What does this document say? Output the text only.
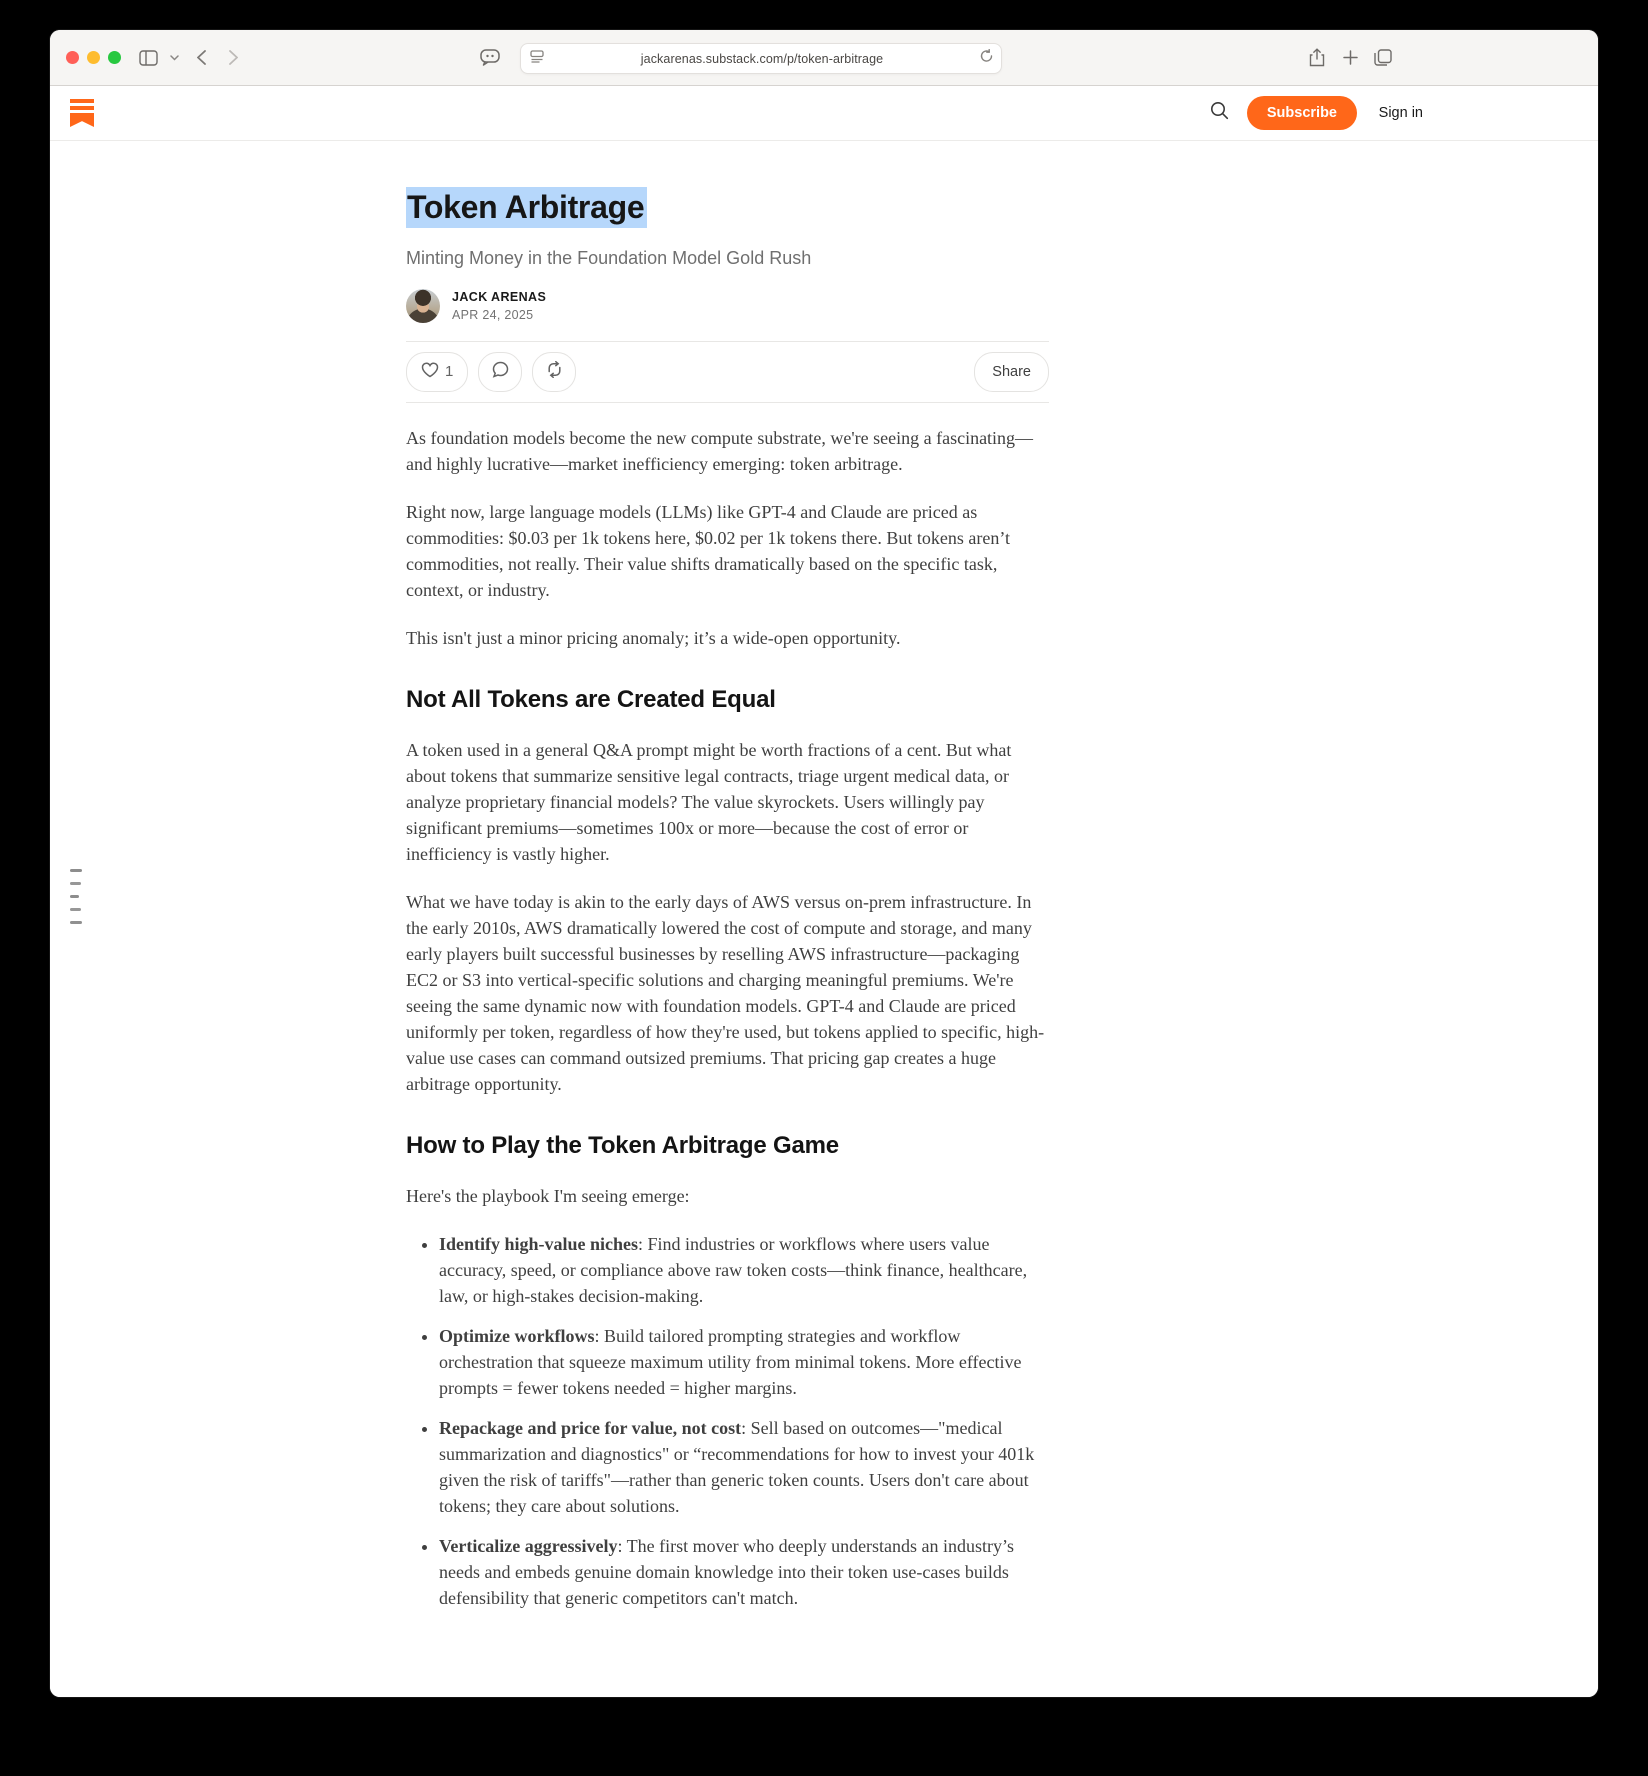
jackarenas.substack.com/p/token-arbitrage
Subscribe	Sign in
Token Arbitrage
Minting Money in the Foundation Model Gold Rush
JACK ARENAS
APR 24, 2025
1	Share

As foundation models become the new compute substrate, we're seeing a fascinating—and highly lucrative—market inefficiency emerging: token arbitrage.

Right now, large language models (LLMs) like GPT-4 and Claude are priced as commodities: $0.03 per 1k tokens here, $0.02 per 1k tokens there. But tokens aren’t commodities, not really. Their value shifts dramatically based on the specific task, context, or industry.

This isn't just a minor pricing anomaly; it’s a wide-open opportunity.

Not All Tokens are Created Equal

A token used in a general Q&A prompt might be worth fractions of a cent. But what about tokens that summarize sensitive legal contracts, triage urgent medical data, or analyze proprietary financial models? The value skyrockets. Users willingly pay significant premiums—sometimes 100x or more—because the cost of error or inefficiency is vastly higher.

What we have today is akin to the early days of AWS versus on-prem infrastructure. In the early 2010s, AWS dramatically lowered the cost of compute and storage, and many early players built successful businesses by reselling AWS infrastructure—packaging EC2 or S3 into vertical-specific solutions and charging meaningful premiums. We're seeing the same dynamic now with foundation models. GPT-4 and Claude are priced uniformly per token, regardless of how they're used, but tokens applied to specific, high-value use cases can command outsized premiums. That pricing gap creates a huge arbitrage opportunity.

How to Play the Token Arbitrage Game

Here's the playbook I'm seeing emerge:

• Identify high-value niches: Find industries or workflows where users value accuracy, speed, or compliance above raw token costs—think finance, healthcare, law, or high-stakes decision-making.
• Optimize workflows: Build tailored prompting strategies and workflow orchestration that squeeze maximum utility from minimal tokens. More effective prompts = fewer tokens needed = higher margins.
• Repackage and price for value, not cost: Sell based on outcomes—"medical summarization and diagnostics" or “recommendations for how to invest your 401k given the risk of tariffs"—rather than generic token counts. Users don't care about tokens; they care about solutions.
• Verticalize aggressively: The first mover who deeply understands an industry’s needs and embeds genuine domain knowledge into their token use-cases builds defensibility that generic competitors can't match.
